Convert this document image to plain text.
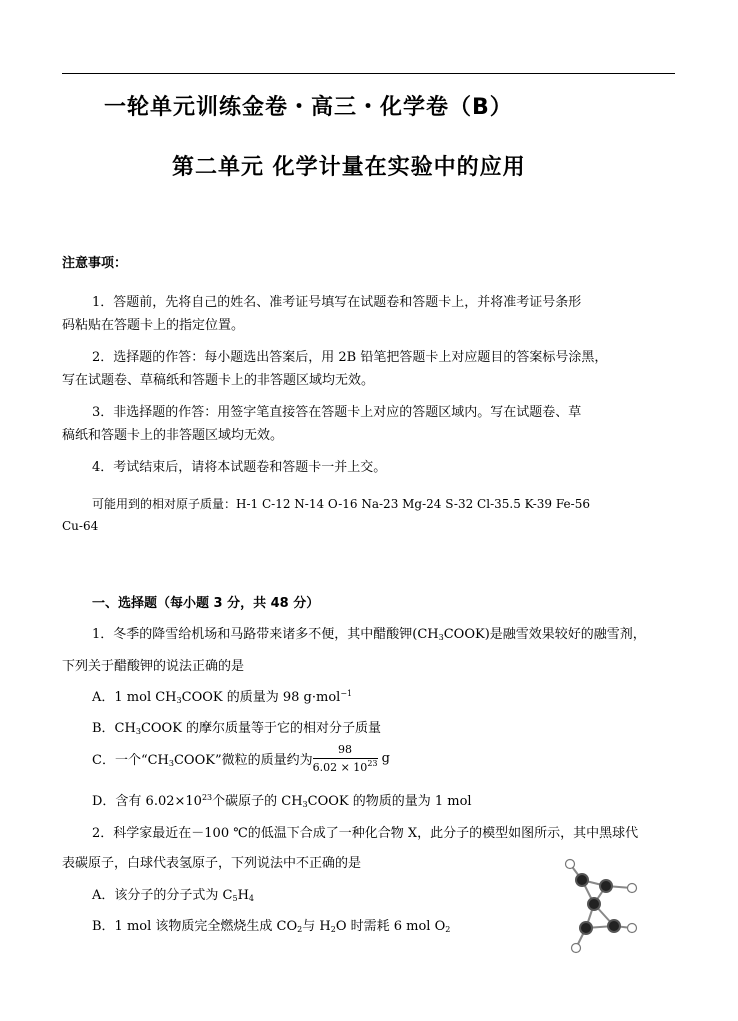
一轮单元训练金卷・高三・化学卷（B）
第二单元 化学计量在实验中的应用
注意事项：
1．答题前，先将自己的姓名、准考证号填写在试题卷和答题卡上，并将准考证号条形
码粘贴在答题卡上的指定位置。
2．选择题的作答：每小题选出答案后，用 2B 铅笔把答题卡上对应题目的答案标号涂黑，
写在试题卷、草稿纸和答题卡上的非答题区域均无效。
3．非选择题的作答：用签字笔直接答在答题卡上对应的答题区域内。写在试题卷、草
稿纸和答题卡上的非答题区域均无效。
4．考试结束后，请将本试题卷和答题卡一并上交。
可能用到的相对原子质量：H-1 C-12 N-14 O-16 Na-23 Mg-24 S-32 Cl-35.5 K-39 Fe-56
Cu-64
一、选择题（每小题 3 分，共 48 分）
1．冬季的降雪给机场和马路带来诸多不便，其中醋酸钾$(CH_3COOK)$是融雪效果较好的融雪剂，
下列关于醋酸钾的说法正确的是
A．1 mol $CH_3COOK$ 的质量为 98 g·mol$^{-1}$
B．$CH_3COOK$ 的摩尔质量等于它的相对分子质量
C．一个“$CH_3COOK$”微粒的质量约为 $\frac{98}{6.02 \times 10^{23}}$ g
D．含有 $6.02\times 10^{23}$个碳原子的 $CH_3COOK$ 的物质的量为 1 mol
2．科学家最近在－100 ℃的低温下合成了一种化合物 X，此分子的模型如图所示，其中黑球代
表碳原子，白球代表氢原子，下列说法中不正确的是
A．该分子的分子式为 $C_5H_4$
B．1 mol 该物质完全燃烧生成 $CO_2$与 $H_2O$ 时需耗 6 mol $O_2$
